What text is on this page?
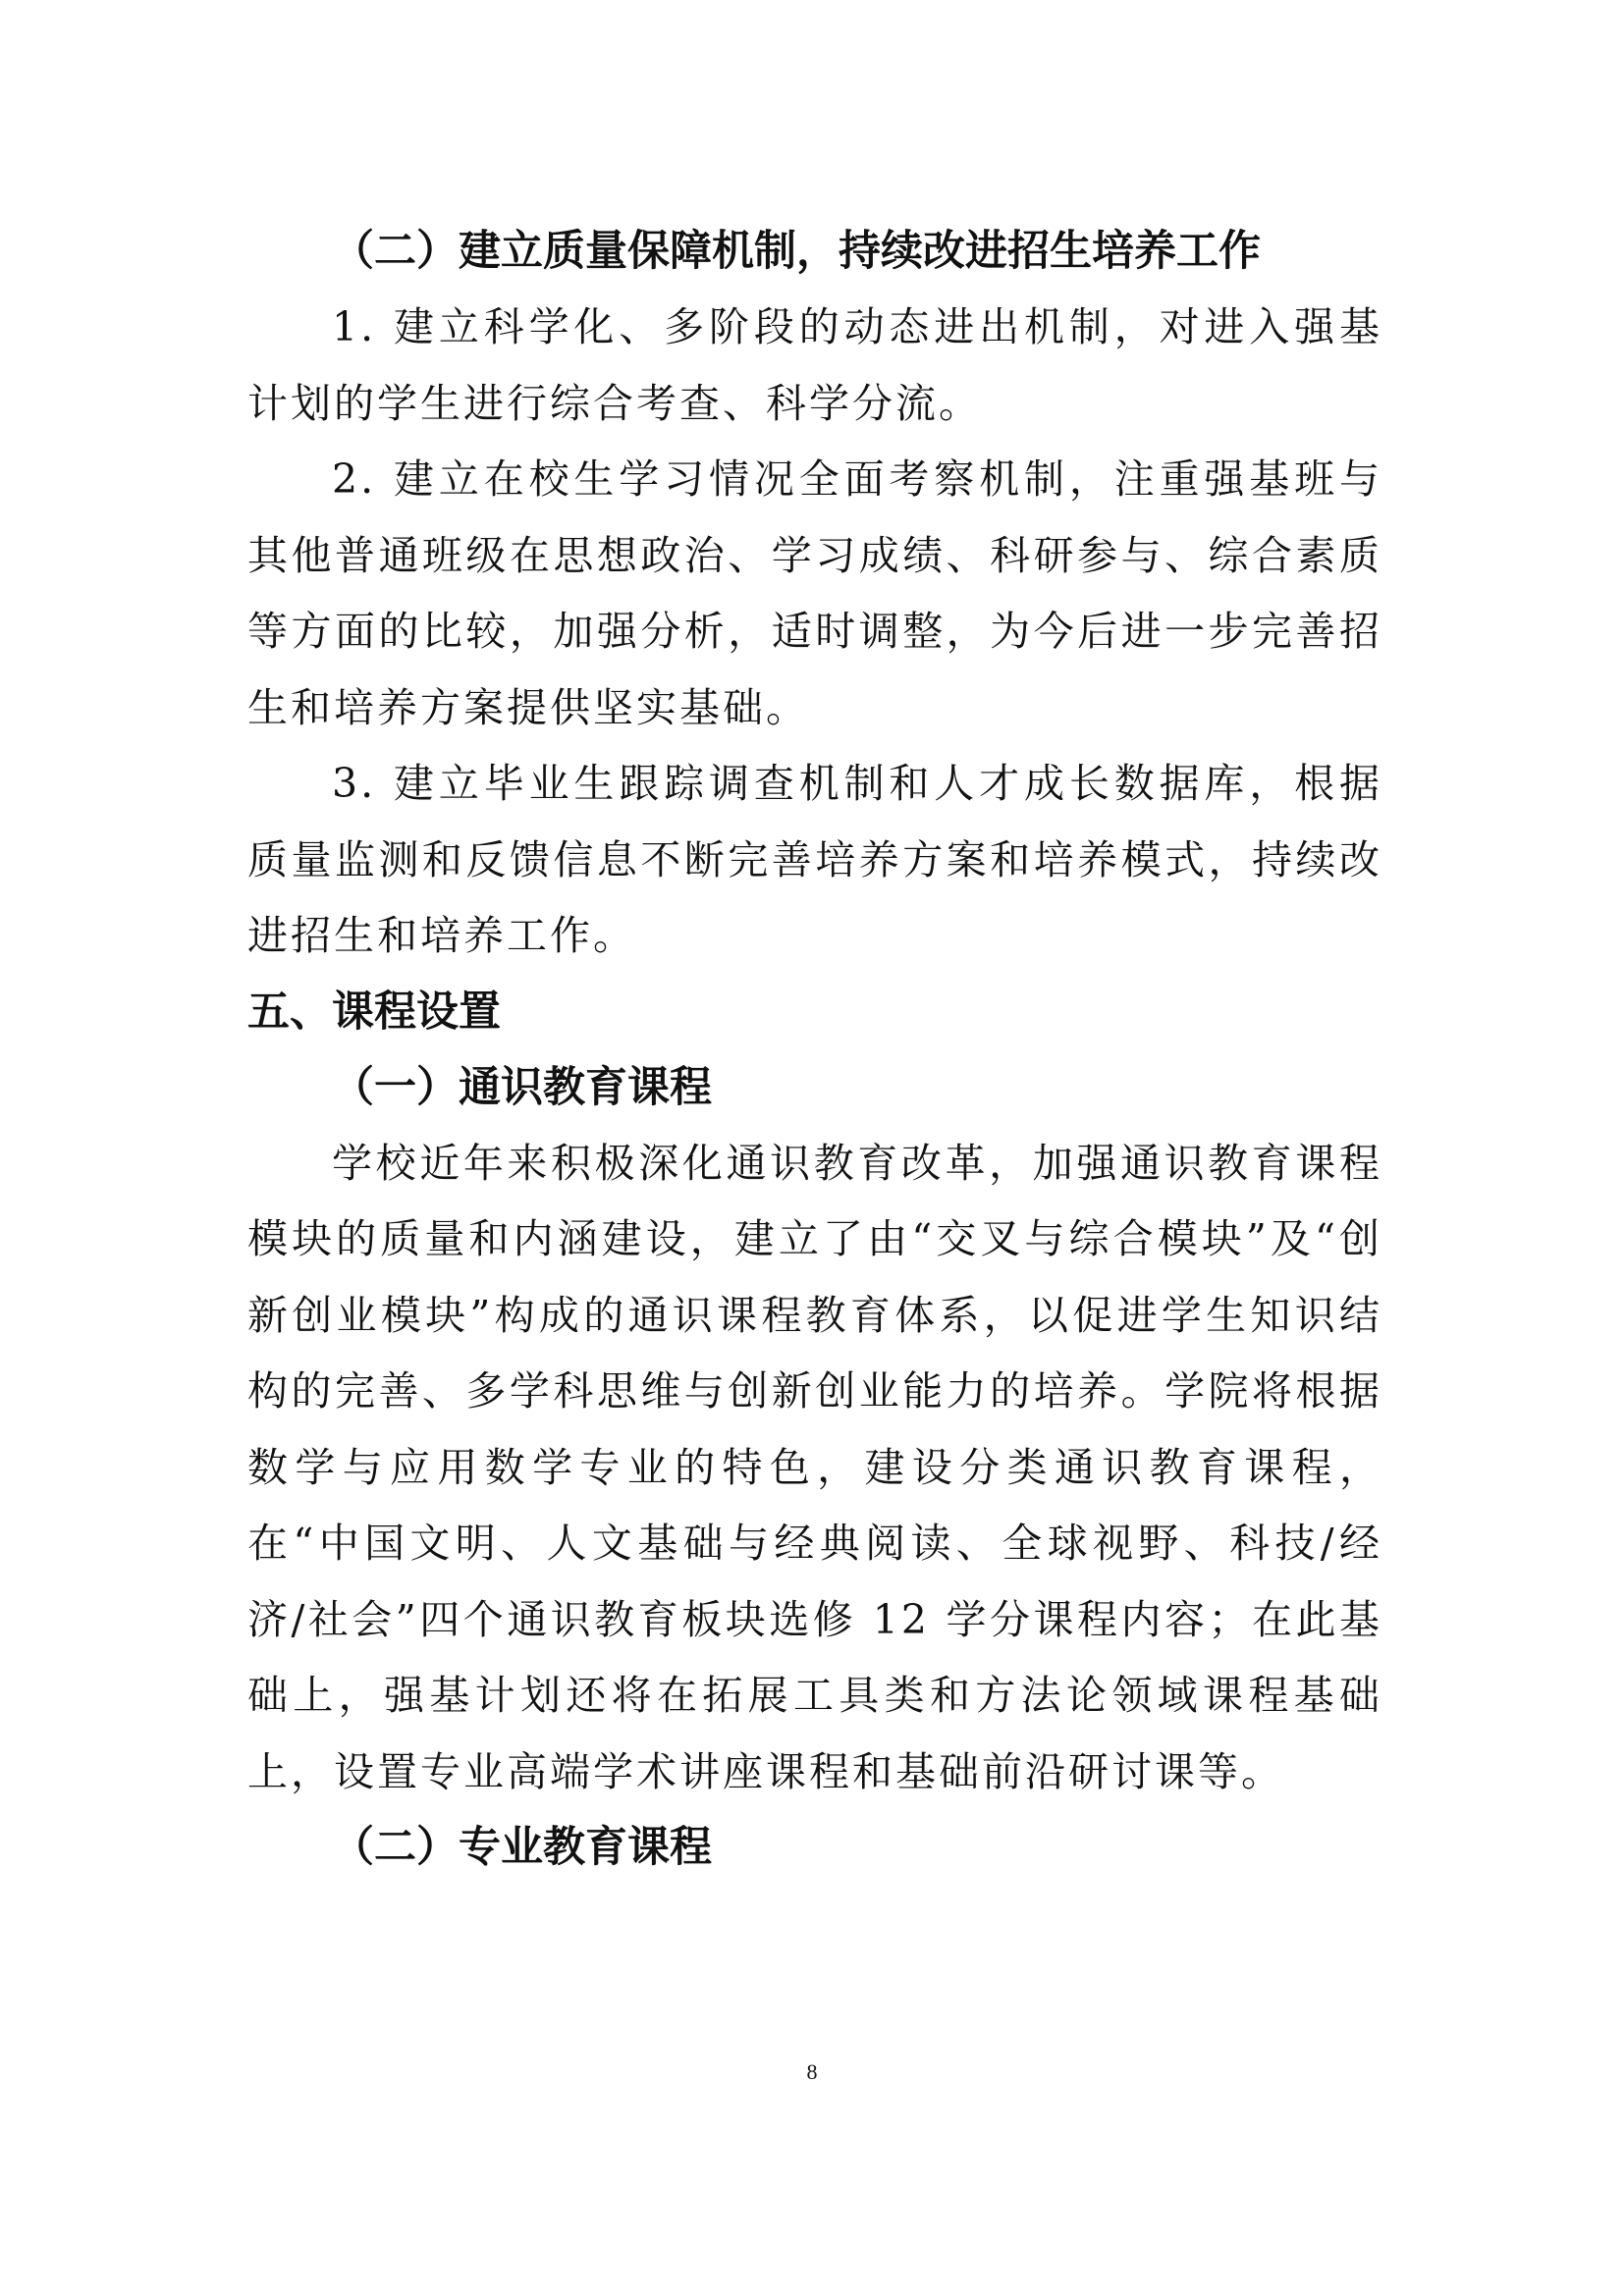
（二）建立质量保障机制，持续改进招生培养工作

1. 建立科学化、多阶段的动态进出机制，对进入强基计划的学生进行综合考查、科学分流。

2. 建立在校生学习情况全面考察机制，注重强基班与其他普通班级在思想政治、学习成绩、科研参与、综合素质等方面的比较，加强分析，适时调整，为今后进一步完善招生和培养方案提供坚实基础。

3. 建立毕业生跟踪调查机制和人才成长数据库，根据质量监测和反馈信息不断完善培养方案和培养模式，持续改进招生和培养工作。

五、课程设置

（一）通识教育课程

学校近年来积极深化通识教育改革，加强通识教育课程模块的质量和内涵建设，建立了由“交叉与综合模块”及“创新创业模块”构成的通识课程教育体系，以促进学生知识结构的完善、多学科思维与创新创业能力的培养。学院将根据数学与应用数学专业的特色，建设分类通识教育课程，在“中国文明、人文基础与经典阅读、全球视野、科技/经济/社会”四个通识教育板块选修 12 学分课程内容；在此基础上，强基计划还将在拓展工具类和方法论领域课程基础上，设置专业高端学术讲座课程和基础前沿研讨课等。

（二）专业教育课程

8
